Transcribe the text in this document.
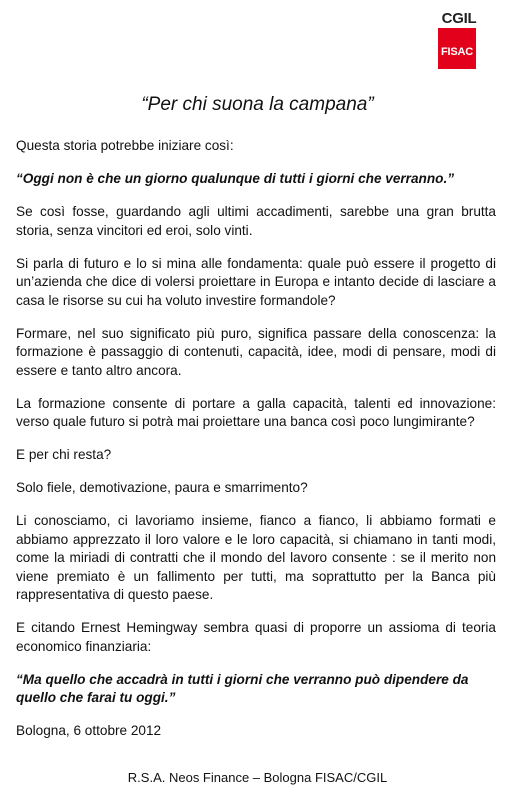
CGIL
FISAC
“Per chi suona la campana”

Questa storia potrebbe iniziare così:

“Oggi non è che un giorno qualunque di tutti i giorni che verranno.”

Se così fosse, guardando agli ultimi accadimenti, sarebbe una gran brutta storia, senza vincitori ed eroi, solo vinti.

Si parla di futuro e lo si mina alle fondamenta: quale può essere il progetto di un’azienda che dice di volersi proiettare in Europa e intanto decide di lasciare a casa le risorse su cui ha voluto investire formandole?

Formare, nel suo significato più puro, significa passare della conoscenza: la formazione è passaggio di contenuti, capacità, idee, modi di pensare, modi di essere e tanto altro ancora.

La formazione consente di portare a galla capacità, talenti ed innovazione: verso quale futuro si potrà mai proiettare una banca così poco lungimirante?

E per chi resta?

Solo fiele, demotivazione, paura e smarrimento?

Li conosciamo, ci lavoriamo insieme, fianco a fianco, li abbiamo formati e abbiamo apprezzato il loro valore e le loro capacità, si chiamano in tanti modi, come la miriadi di contratti che il mondo del lavoro consente : se il merito non viene premiato è un fallimento per tutti, ma soprattutto per la Banca più rappresentativa di questo paese.

E citando Ernest Hemingway sembra quasi di proporre un assioma di teoria economico finanziaria:

“Ma quello che accadrà in tutti i giorni che verranno può dipendere da quello che farai tu oggi.”

Bologna, 6 ottobre 2012

R.S.A. Neos Finance – Bologna FISAC/CGIL
